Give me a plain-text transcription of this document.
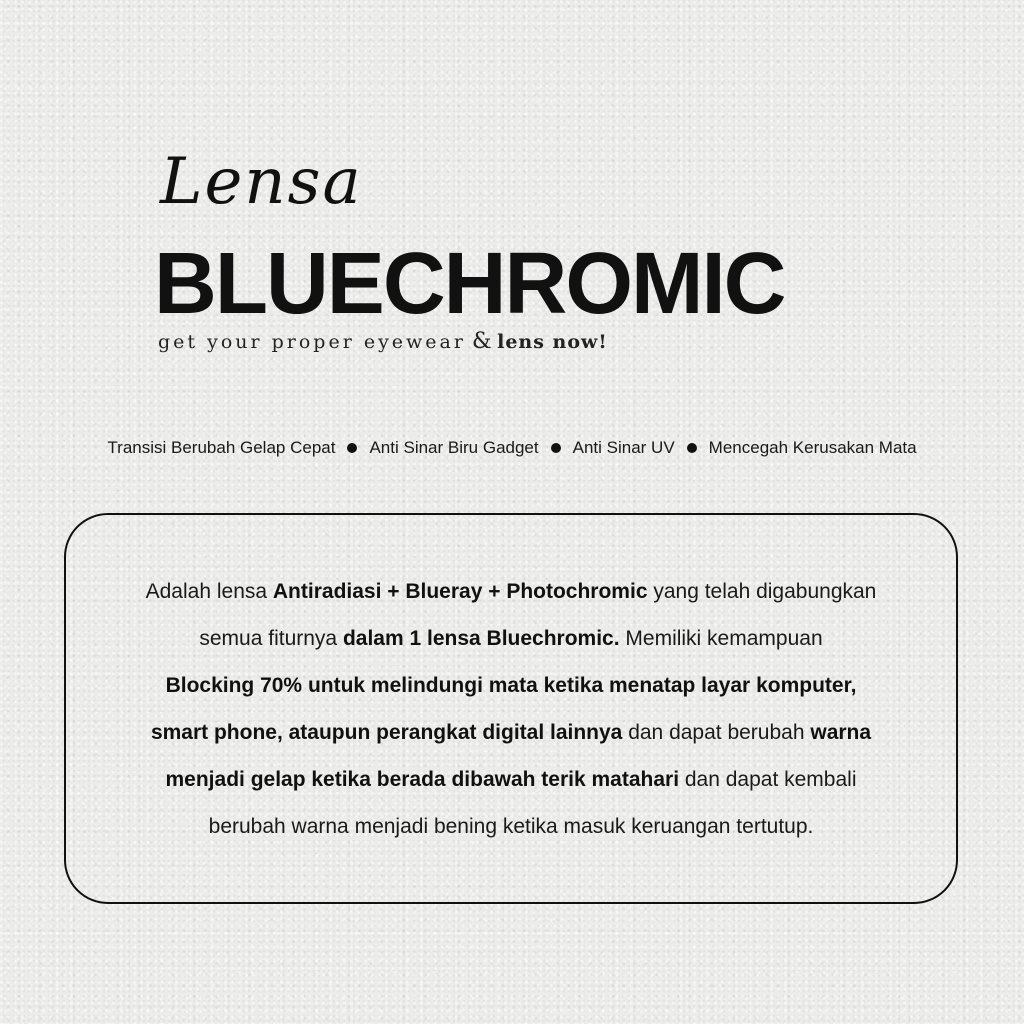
Lensa
BLUECHROMIC
get your proper eyewear & lens now!
Transisi Berubah Gelap Cepat Anti Sinar Biru Gadget Anti Sinar UV Mencegah Kerusakan Mata
Adalah lensa Antiradiasi + Blueray + Photochromic yang telah digabungkan
semua fiturnya dalam 1 lensa Bluechromic. Memiliki kemampuan
Blocking 70% untuk melindungi mata ketika menatap layar komputer,
smart phone, ataupun perangkat digital lainnya dan dapat berubah warna
menjadi gelap ketika berada dibawah terik matahari dan dapat kembali
berubah warna menjadi bening ketika masuk keruangan tertutup.
